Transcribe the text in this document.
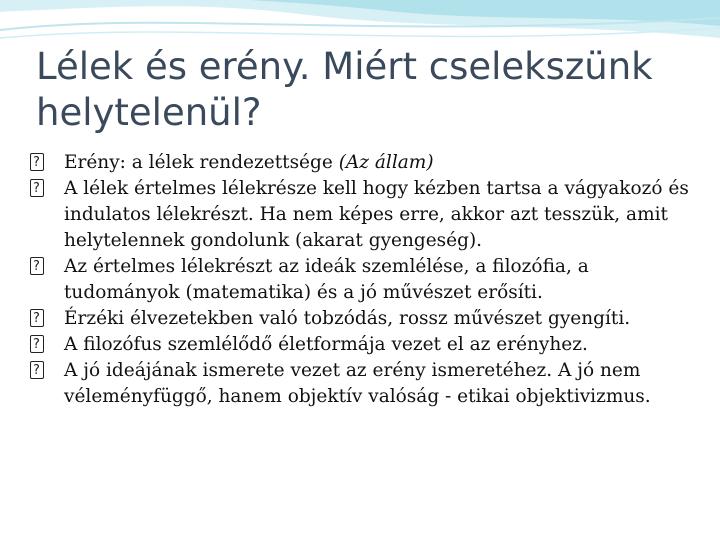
Lélek és erény. Miért cselekszünk helytelenül?
?
Erény: a lélek rendezettsége (Az állam)
?
A lélek értelmes lélekrésze kell hogy kézben tartsa a vágyakozó és indulatos lélekrészt. Ha nem képes erre, akkor azt tesszük, amit helytelennek gondolunk (akarat gyengeség).
?
Az értelmes lélekrészt az ideák szemlélése, a filozófia, a tudományok (matematika) és a jó művészet erősíti.
?
Érzéki élvezetekben való tobzódás, rossz művészet gyengíti.
?
A filozófus szemlélődő életformája vezet el az erényhez.
?
A jó ideájának ismerete vezet az erény ismeretéhez. A jó nem véleményfüggő, hanem objektív valóság - etikai objektivizmus.
